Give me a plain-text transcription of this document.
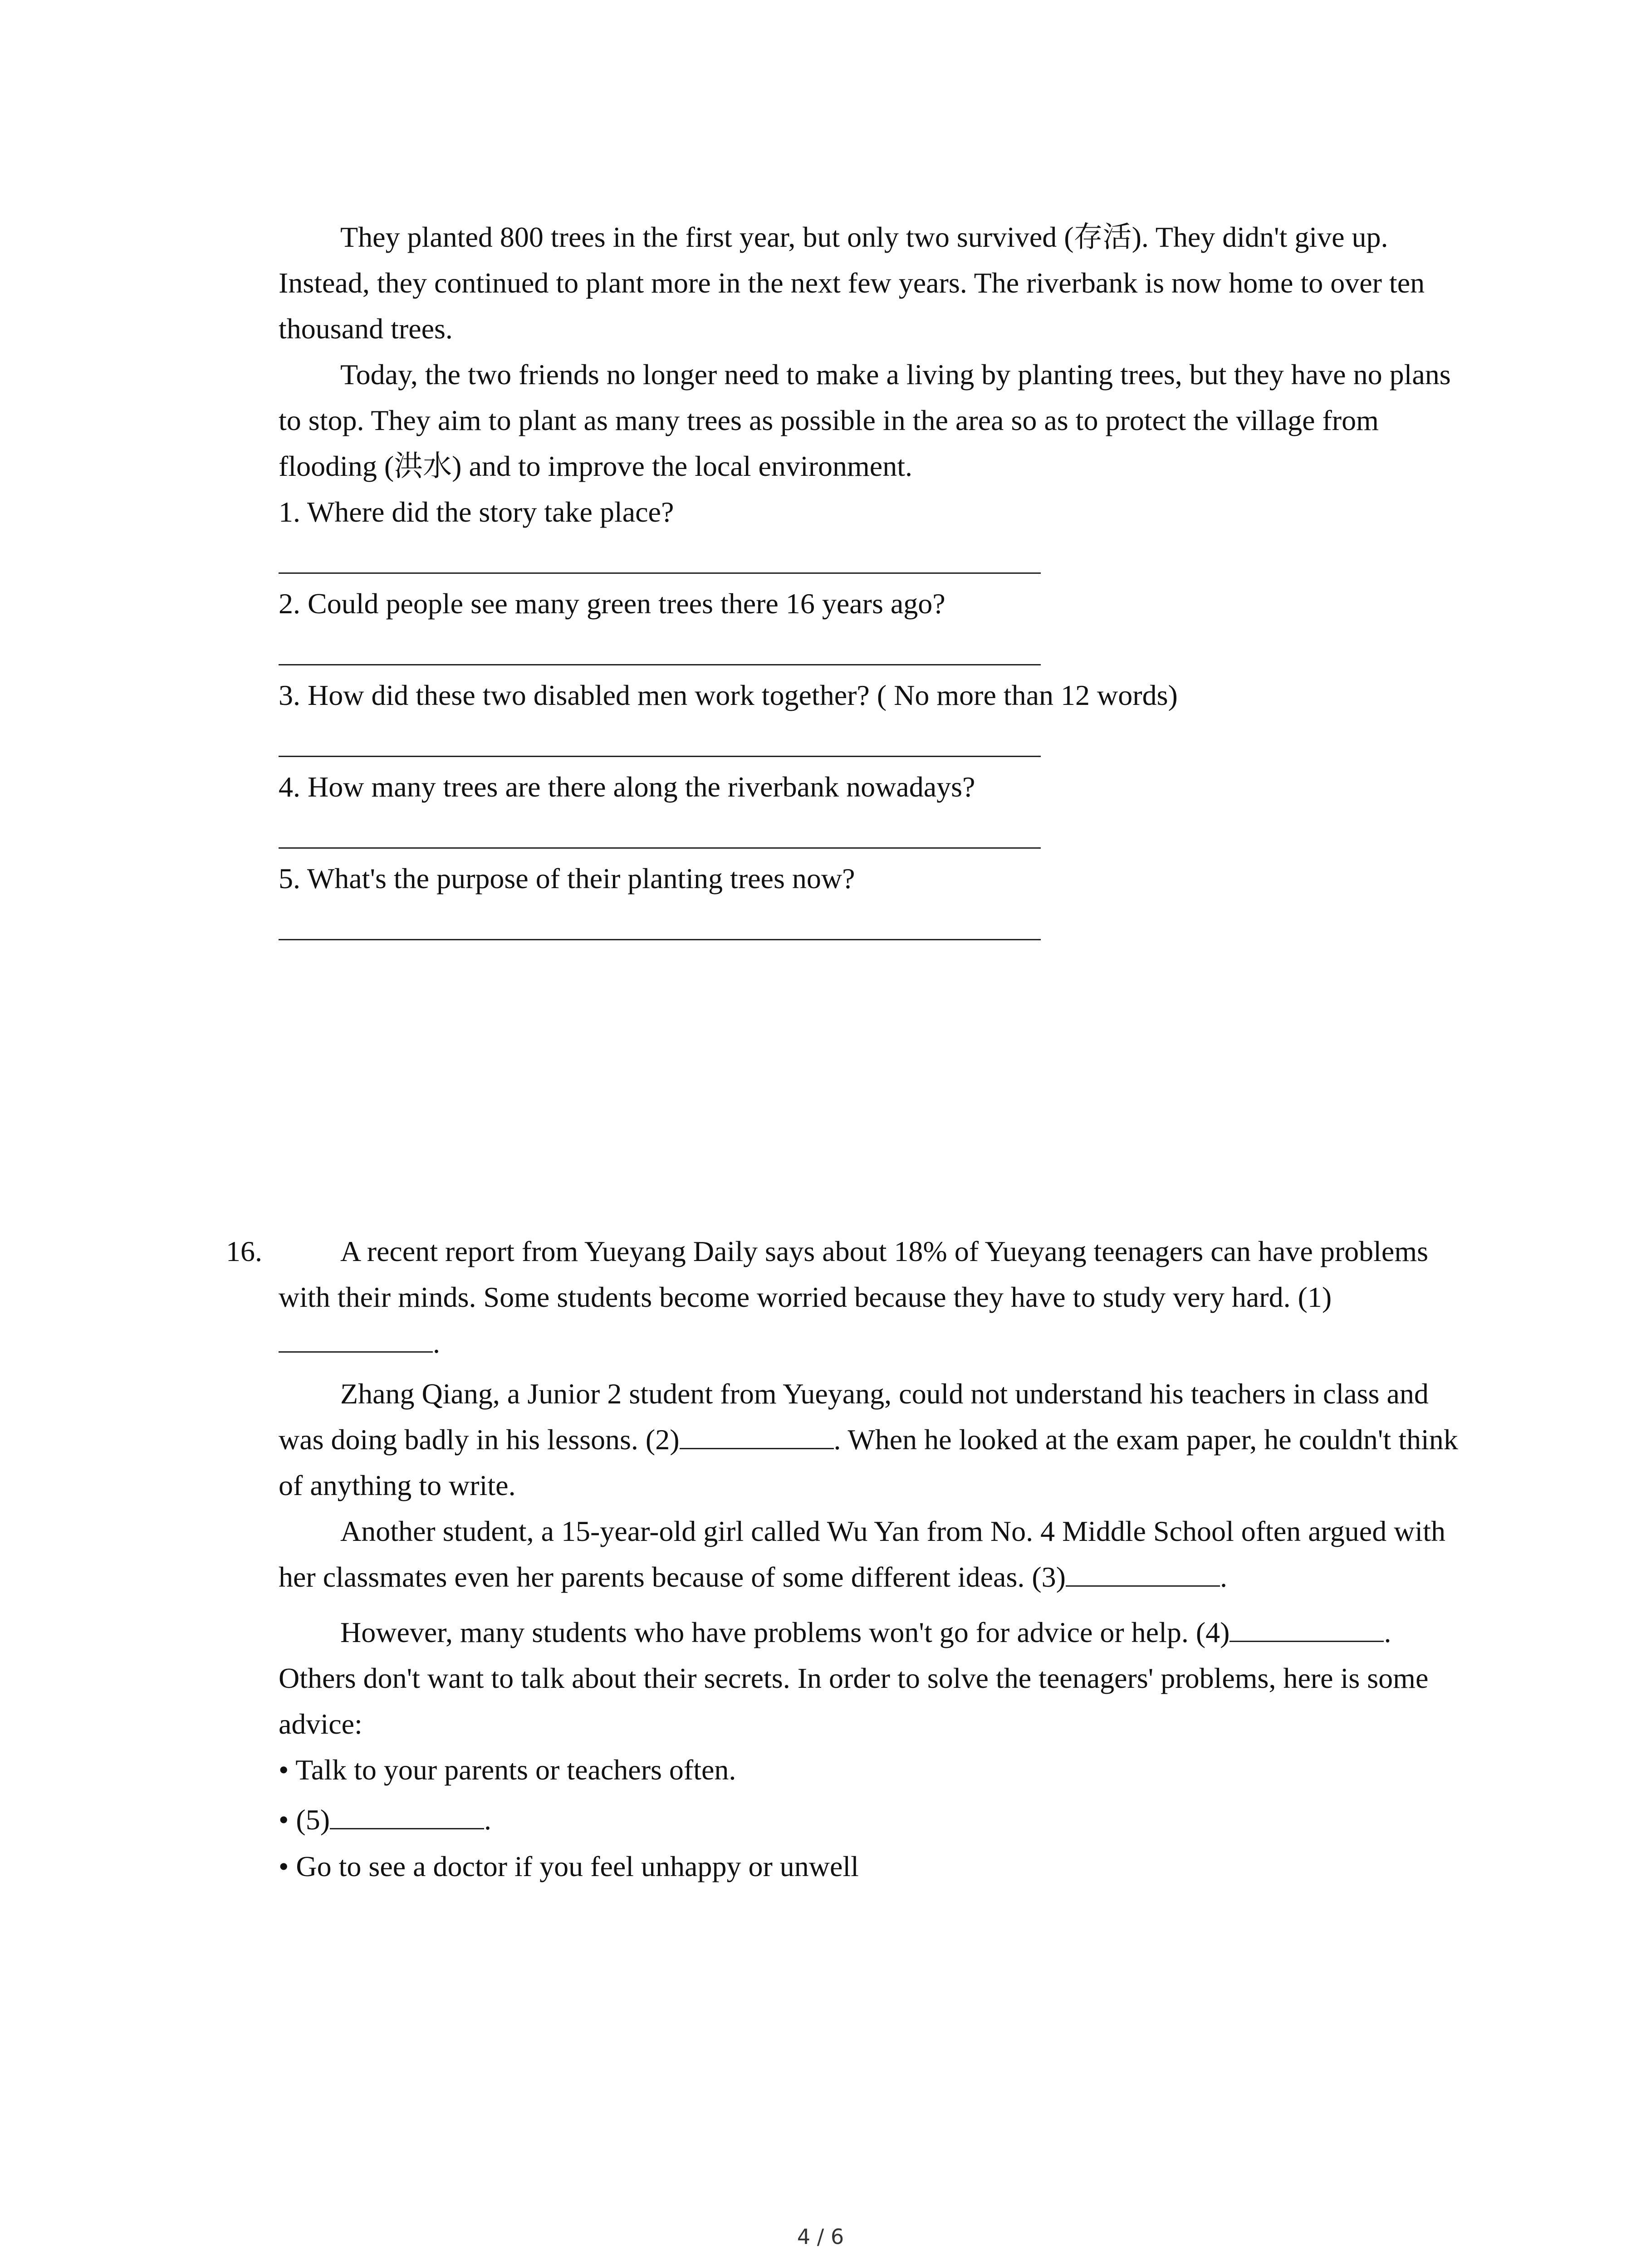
They planted 800 trees in the first year, but only two survived (存活). They didn't give up. Instead, they continued to plant more in the next few years. The riverbank is now home to over ten thousand trees.

Today, the two friends no longer need to make a living by planting trees, but they have no plans to stop. They aim to plant as many trees as possible in the area so as to protect the village from flooding (洪水) and to improve the local environment.

1. Where did the story take place?
2. Could people see many green trees there 16 years ago?
3. How did these two disabled men work together? ( No more than 12 words)
4. How many trees are there along the riverbank nowadays?
5. What's the purpose of their planting trees now?
16.	A recent report from Yueyang Daily says about 18% of Yueyang teenagers can have problems with their minds. Some students become worried because they have to study very hard. (1).

Zhang Qiang, a Junior 2 student from Yueyang, could not understand his teachers in class and was doing badly in his lessons. (2)	. When he looked at the exam paper, he couldn't think of anything to write.

Another student, a 15-year-old girl called Wu Yan from No. 4 Middle School often argued with her classmates even her parents because of some different ideas. (3)	.

However, many students who have problems won't go for advice or help. (4)	. Others don't want to talk about their secrets. In order to solve the teenagers' problems, here is some advice:

• Talk to your parents or teachers often.
• (5)	.
• Go to see a doctor if you feel unhappy or unwell
4 / 6
